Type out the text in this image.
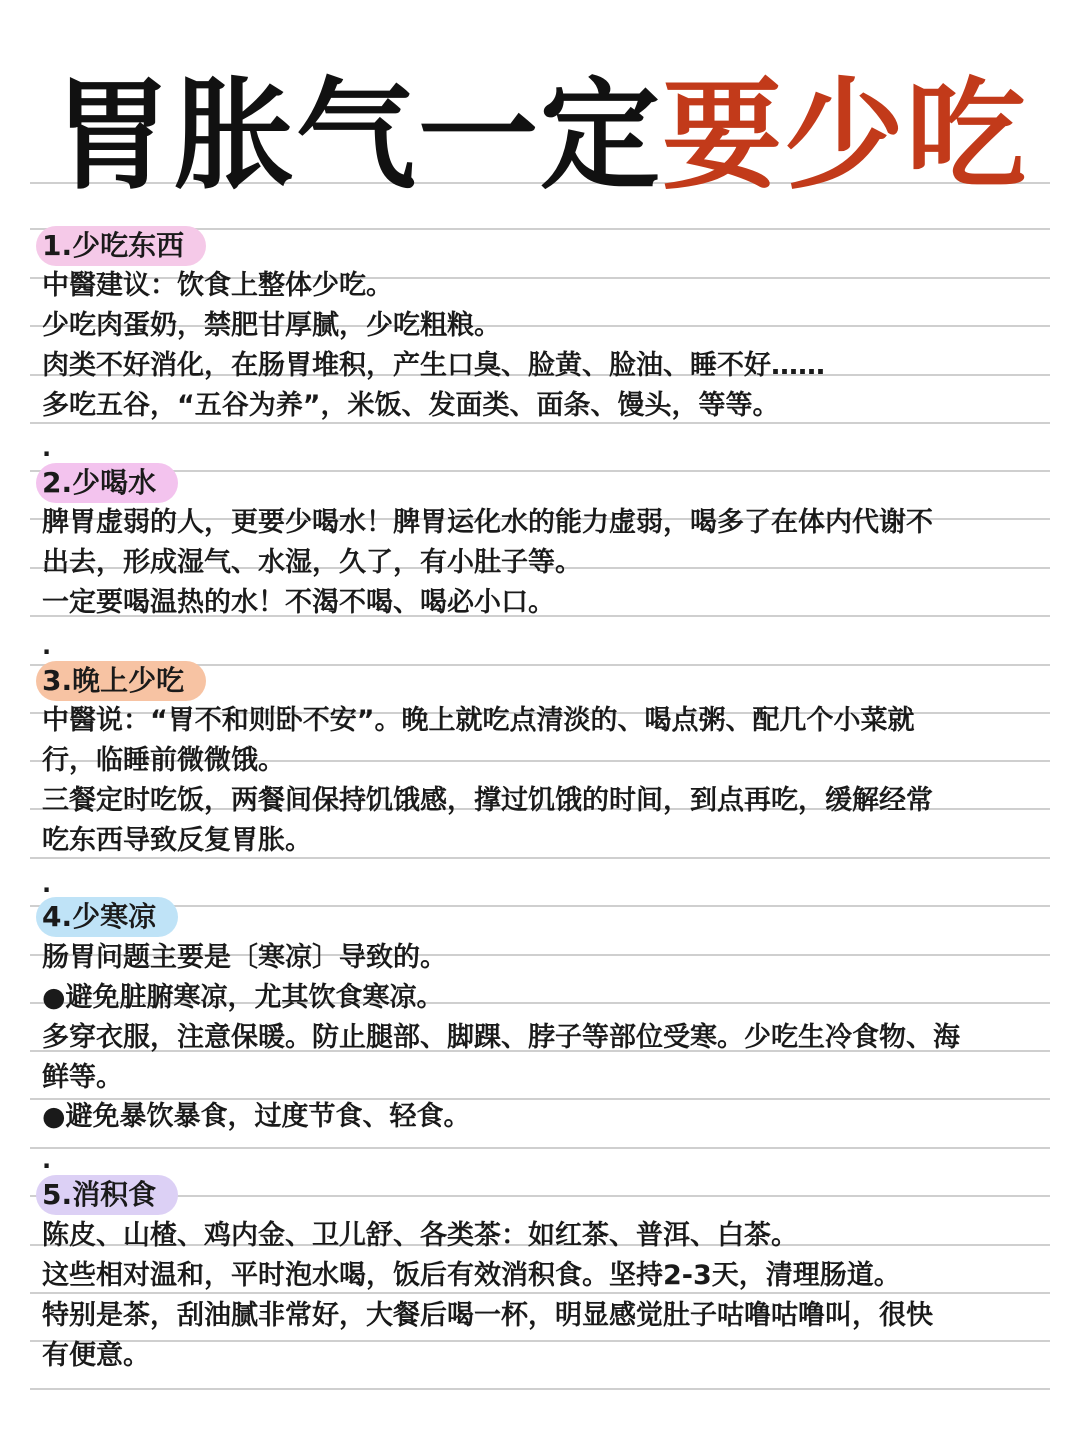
胃胀气一定要少吃
1.少吃东西
中醫建议：饮食上整体少吃。
少吃肉蛋奶，禁肥甘厚腻，少吃粗粮。
肉类不好消化，在肠胃堆积，产生口臭、脸黄、脸油、睡不好……
多吃五谷，“五谷为养”，米饭、发面类、面条、馒头，等等。
.
2.少喝水
脾胃虚弱的人，更要少喝水！脾胃运化水的能力虚弱，喝多了在体内代谢不
出去，形成湿气、水湿，久了，有小肚子等。
一定要喝温热的水！不渴不喝、喝必小口。
.
3.晚上少吃
中醫说：“胃不和则卧不安”。晚上就吃点清淡的、喝点粥、配几个小菜就
行，临睡前微微饿。
三餐定时吃饭，两餐间保持饥饿感，撑过饥饿的时间，到点再吃，缓解经常
吃东西导致反复胃胀。
.
4.少寒凉
肠胃问题主要是〔寒凉〕导致的。
●避免脏腑寒凉，尤其饮食寒凉。
多穿衣服，注意保暖。防止腿部、脚踝、脖子等部位受寒。少吃生冷食物、海
鲜等。
●避免暴饮暴食，过度节食、轻食。
.
5.消积食
陈皮、山楂、鸡内金、卫儿舒、各类茶：如红茶、普洱、白茶。
这些相对温和，平时泡水喝，饭后有效消积食。坚持2-3天，清理肠道。
特别是茶，刮油腻非常好，大餐后喝一杯，明显感觉肚子咕噜咕噜叫，很快
有便意。
